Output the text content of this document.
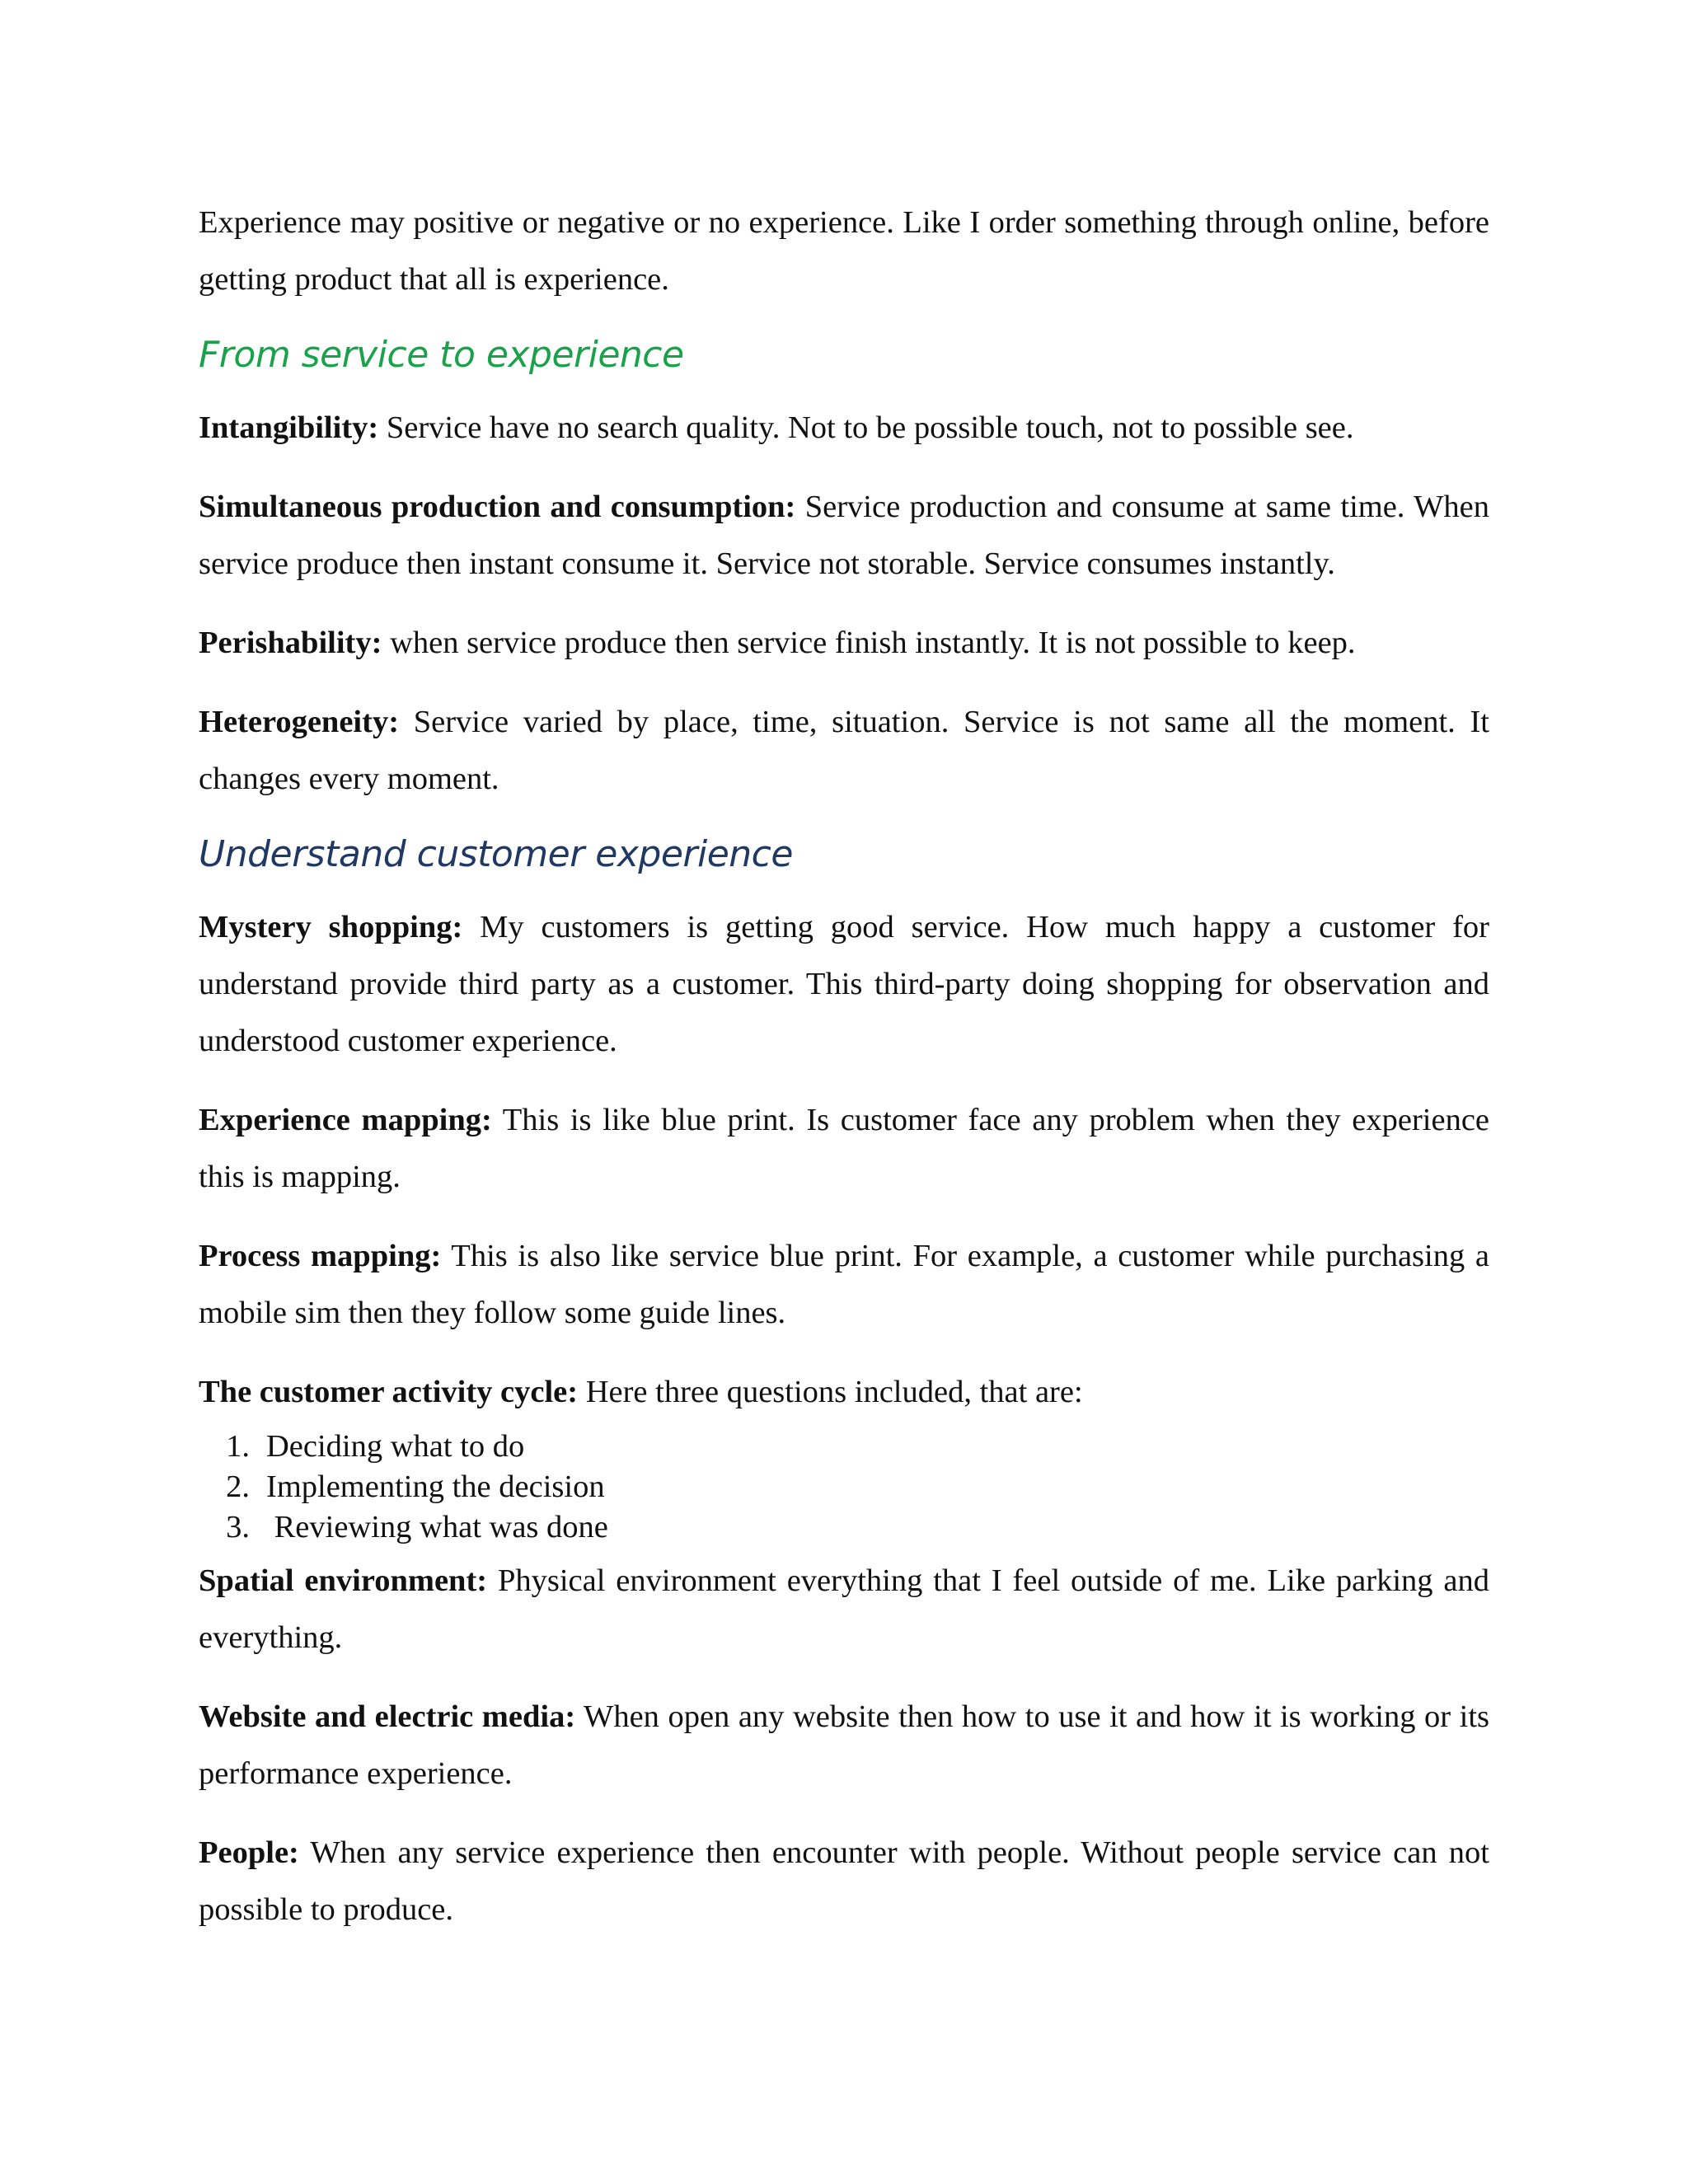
Experience may positive or negative or no experience. Like I order something through online, before getting product that all is experience.

From service to experience

Intangibility: Service have no search quality. Not to be possible touch, not to possible see.

Simultaneous production and consumption: Service production and consume at same time. When service produce then instant consume it. Service not storable. Service consumes instantly.

Perishability: when service produce then service finish instantly. It is not possible to keep.

Heterogeneity: Service varied by place, time, situation. Service is not same all the moment. It changes every moment.

Understand customer experience

Mystery shopping: My customers is getting good service. How much happy a customer for understand provide third party as a customer. This third-party doing shopping for observation and understood customer experience.

Experience mapping: This is like blue print. Is customer face any problem when they experience this is mapping.

Process mapping: This is also like service blue print. For example, a customer while purchasing a mobile sim then they follow some guide lines.

The customer activity cycle: Here three questions included, that are:

1. Deciding what to do
2. Implementing the decision
3. Reviewing what was done

Spatial environment: Physical environment everything that I feel outside of me. Like parking and everything.

Website and electric media: When open any website then how to use it and how it is working or its performance experience.

People: When any service experience then encounter with people. Without people service can not possible to produce.
